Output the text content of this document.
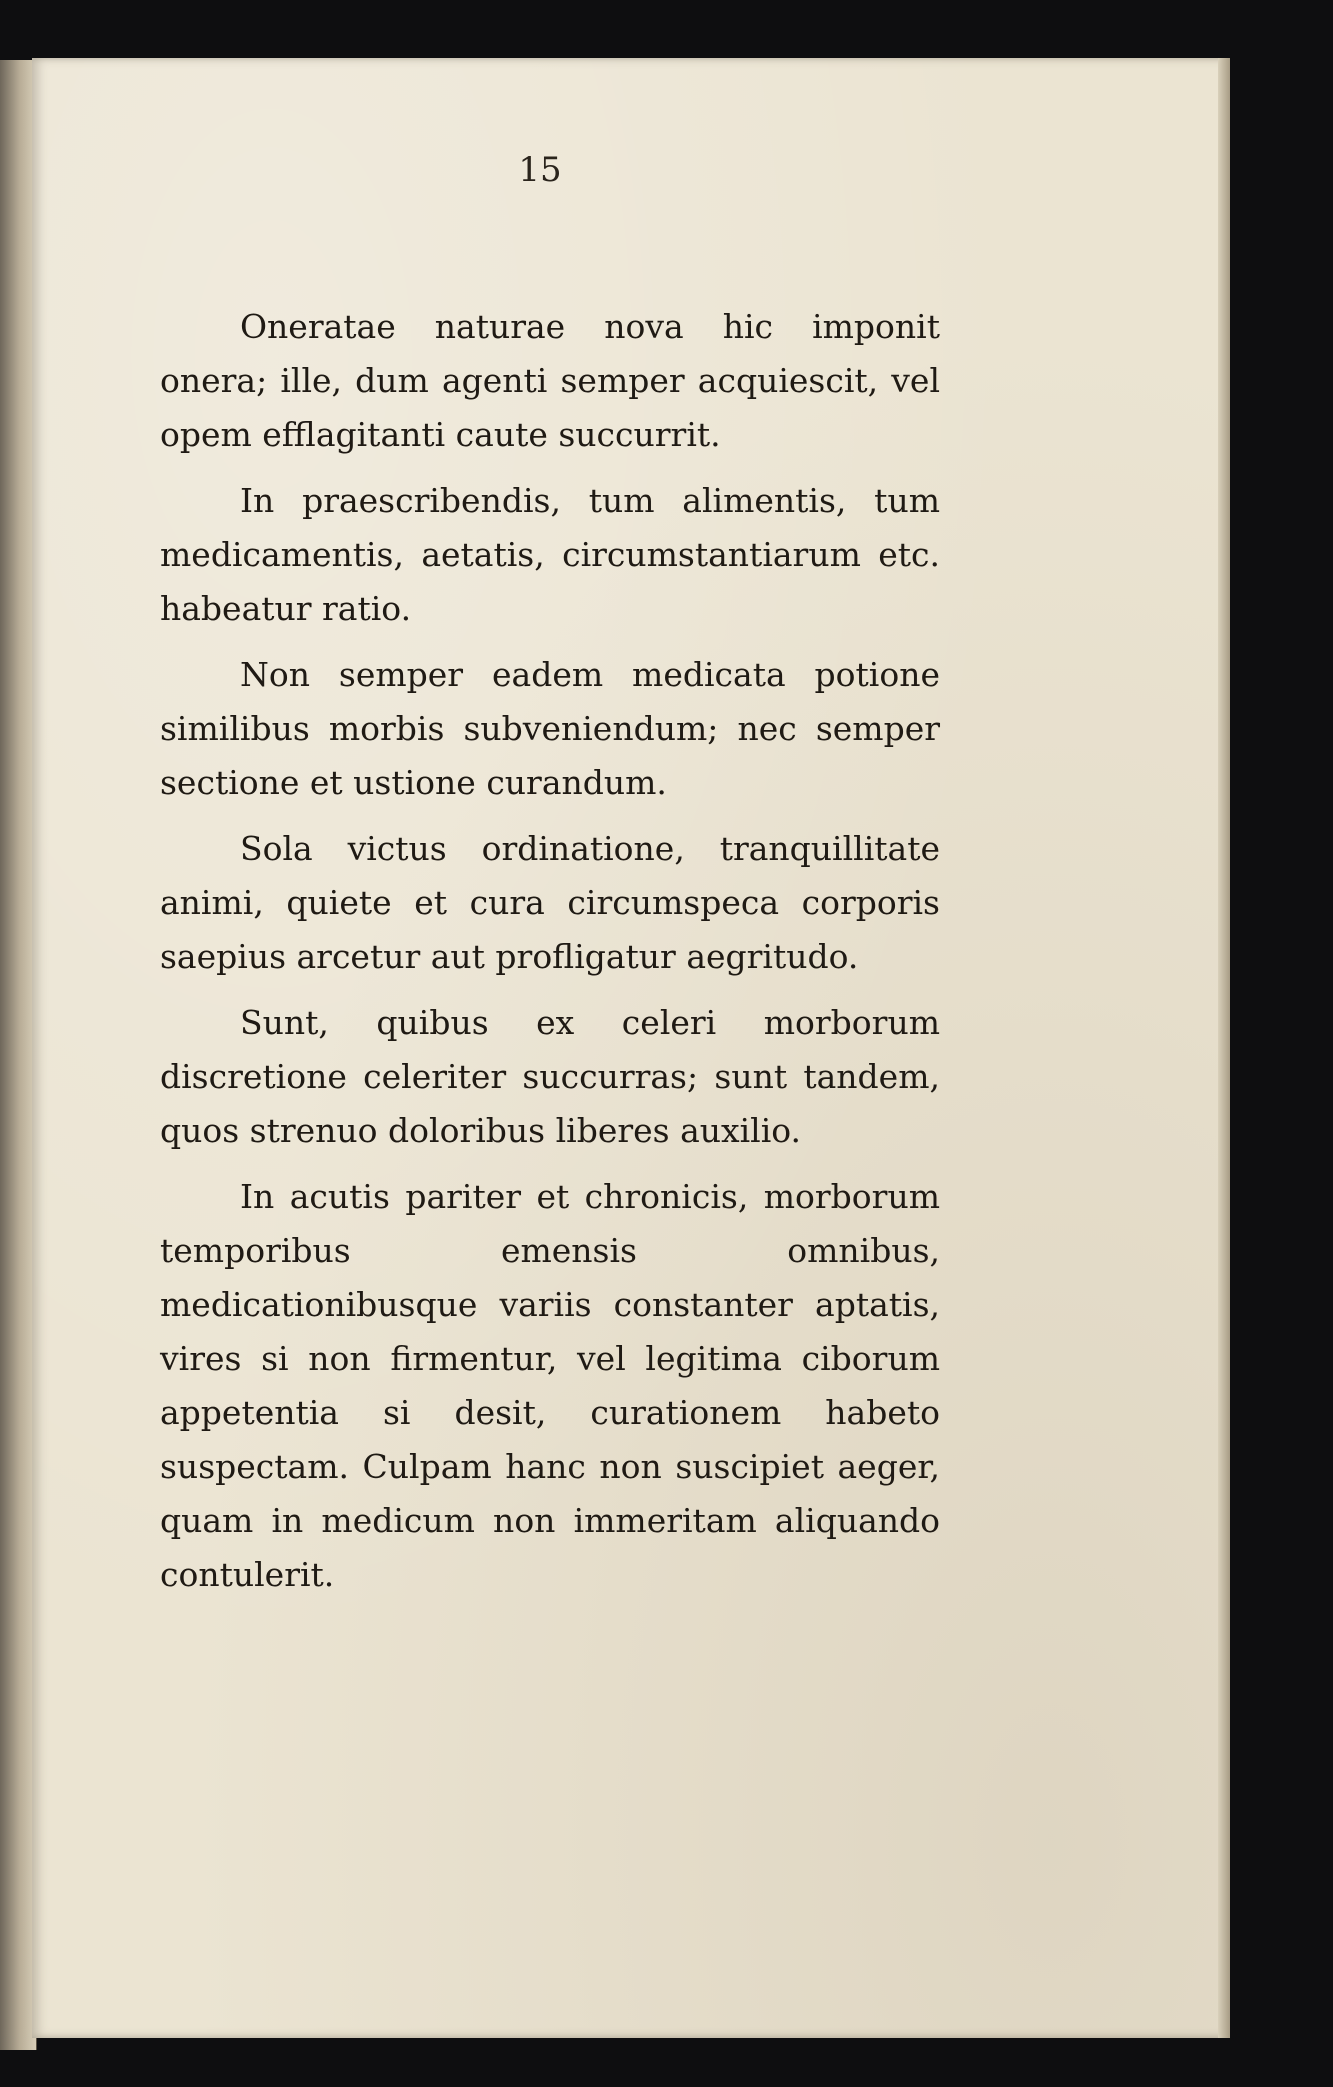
15

Oneratae naturae nova hic imponit onera; ille, dum agenti semper acquiescit, vel opem efflagitanti caute succurrit.

In praescribendis, tum alimentis, tum medicamentis, aetatis, circumstantiarum etc. habeatur ratio.

Non semper eadem medicata potione similibus morbis subveniendum; nec semper sectione et ustione curandum.

Sola victus ordinatione, tranquillitate animi, quiete et cura circumspeca corporis saepius arcetur aut profligatur aegritudo.

Sunt, quibus ex celeri morborum discretione celeriter succurras; sunt tandem, quos strenuo doloribus liberes auxilio.

In acutis pariter et chronicis, morborum temporibus emensis omnibus, medicationibusque variis constanter aptatis, vires si non firmentur, vel legitima ciborum appetentia si desit, curationem habeto suspectam. Culpam hanc non suscipiet aeger, quam in medicum non immeritam aliquando contulerit.
